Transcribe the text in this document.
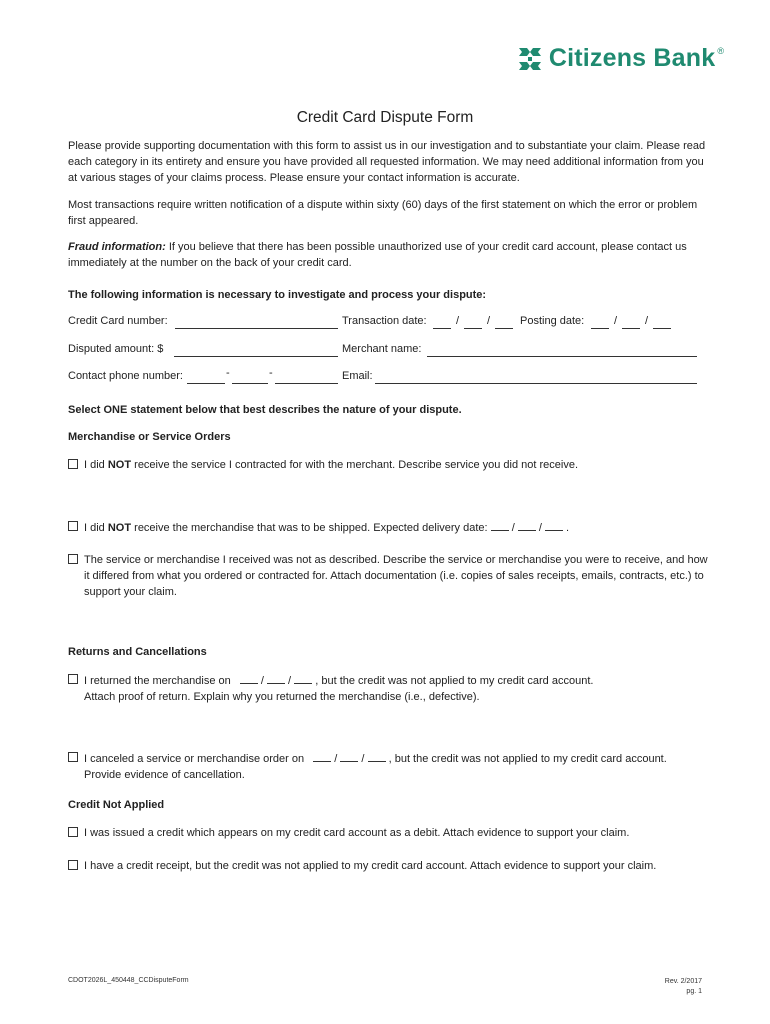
Citizens Bank ®
Credit Card Dispute Form
Please provide supporting documentation with this form to assist us in our investigation and to substantiate your claim. Please read each category in its entirety and ensure you have provided all requested information. We may need additional information from you at various stages of your claims process. Please ensure your contact information is accurate.
Most transactions require written notification of a dispute within sixty (60) days of the first statement on which the error or problem first appeared.
Fraud information: If you believe that there has been possible unauthorized use of your credit card account, please contact us immediately at the number on the back of your credit card.
The following information is necessary to investigate and process your dispute:
Credit Card number:	Transaction date:	/	/	Posting date:	/	/
Disputed amount: $	Merchant name:
Contact phone number:	-	-	Email:
Select ONE statement below that best describes the nature of your dispute.
Merchandise or Service Orders
I did NOT receive the service I contracted for with the merchant. Describe service you did not receive.
I did NOT receive the merchandise that was to be shipped. Expected delivery date:  /  /  .
The service or merchandise I received was not as described. Describe the service or merchandise you were to receive, and how it differed from what you ordered or contracted for. Attach documentation (i.e. copies of sales receipts, emails, contracts, etc.) to support your claim.
Returns and Cancellations
I returned the merchandise on  /  /  , but the credit was not applied to my credit card account.
Attach proof of return. Explain why you returned the merchandise (i.e., defective).
I canceled a service or merchandise order on  /  /  , but the credit was not applied to my credit card account.
Provide evidence of cancellation.
Credit Not Applied
I was issued a credit which appears on my credit card account as a debit. Attach evidence to support your claim.
I have a credit receipt, but the credit was not applied to my credit card account. Attach evidence to support your claim.
CDOT2026L_450448_CCDisputeForm	Rev. 2/2017
pg. 1
